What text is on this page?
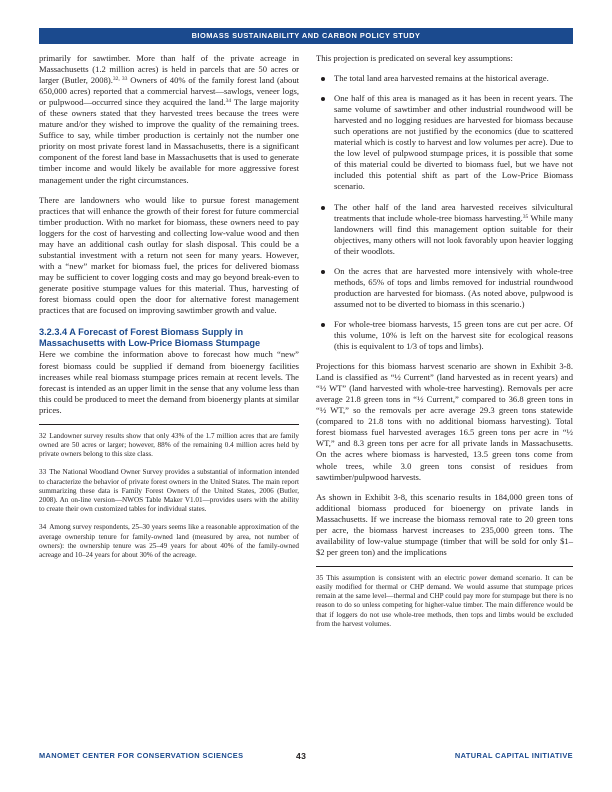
BIOMASS SUSTAINABILITY AND CARBON POLICY STUDY

primarily for sawtimber. More than half of the private acreage in Massachusetts (1.2 million acres) is held in parcels that are 50 acres or larger (Butler, 2008).$^{32, 33}$ Owners of 40% of the family forest land (about 650,000 acres) reported that a commercial harvest—sawlogs, veneer logs, or pulpwood—occurred since they acquired the land.$^{34}$ The large majority of these owners stated that they harvested trees because the trees were mature and/or they wished to improve the quality of the remaining trees. Suffice to say, while timber production is certainly not the number one priority on most private forest land in Massachusetts, there is a significant component of the forest land base in Massachusetts that is used to generate timber income and would likely be available for more aggressive forest management under the right circumstances.

There are landowners who would like to pursue forest management practices that will enhance the growth of their forest for future commercial timber production. With no market for biomass, these owners need to pay loggers for the cost of harvesting and collecting low-value wood and then may have an additional cash outlay for slash disposal. This could be a substantial investment with a return not seen for many years. However, with a “new” market for biomass fuel, the prices for delivered biomass may be sufficient to cover logging costs and may go beyond break-even to generate positive stumpage values for this material. Thus, harvesting of forest biomass could open the door for alternative forest management practices that are focused on improving sawtimber growth and value.

3.2.3.4 A Forecast of Forest Biomass Supply in Massachusetts with Low-Price Biomass Stumpage

Here we combine the information above to forecast how much “new” forest biomass could be supplied if demand from bioenergy facilities increases while real biomass stumpage prices remain at recent levels. The forecast is intended as an upper limit in the sense that any volume less than this could be produced to meet the demand from bioenergy plants at similar prices.

32 Landowner survey results show that only 43% of the 1.7 million acres that are family owned are 50 acres or larger; however, 88% of the remaining 0.4 million acres held by private owners belong to this size class.
33 The National Woodland Owner Survey provides a substantial of information intended to characterize the behavior of private forest owners in the United States. The main report summarizing these data is Family Forest Owners of the United States, 2006 (Butler, 2008). An on-line version—NWOS Table Maker V1.01—provides users with the ability to create their own customized tables for individual states.
34 Among survey respondents, 25–30 years seems like a reasonable approximation of the average ownership tenure for family-owned land (measured by area, not number of owners): the ownership tenure was 25–49 years for about 40% of the family-owned acreage and 10–24 years for about 30% of the acreage.

This projection is predicated on several key assumptions:

The total land area harvested remains at the historical average.
One half of this area is managed as it has been in recent years. The same volume of sawtimber and other industrial roundwood will be harvested and no logging residues are harvested for biomass because such operations are not justified by the economics (due to scattered material which is costly to harvest and low volumes per acre). Due to the low level of pulpwood stumpage prices, it is possible that some of this material could be diverted to biomass fuel, but we have not included this potential shift as part of the Low-Price Biomass scenario.
The other half of the land area harvested receives silvicultural treatments that include whole-tree biomass harvesting.$^{35}$ While many landowners will find this management option suitable for their objectives, many others will not look favorably upon heavier logging of their woodlots.
On the acres that are harvested more intensively with whole-tree methods, 65% of tops and limbs removed for industrial roundwood production are harvested for biomass. (As noted above, pulpwood is assumed not to be diverted to biomass in this scenario.)
For whole-tree biomass harvests, 15 green tons are cut per acre. Of this volume, 10% is left on the harvest site for ecological reasons (this is equivalent to 1/3 of tops and limbs).

Projections for this biomass harvest scenario are shown in Exhibit 3-8. Land is classified as “½ Current” (land harvested as in recent years) and “½ WT” (land harvested with whole-tree harvesting). Removals per acre average 21.8 green tons in “½ Current,” compared to 36.8 green tons in “½ WT,” so the removals per acre average 29.3 green tons statewide (compared to 21.8 tons with no additional biomass harvesting). Total forest biomass fuel harvested averages 16.5 green tons per acre in “½ WT,” and 8.3 green tons per acre for all private lands in Massachusetts. On the acres where biomass is harvested, 13.5 green tons come from whole trees, while 3.0 green tons consist of residues from sawtimber/pulpwood harvests.

As shown in Exhibit 3-8, this scenario results in 184,000 green tons of additional biomass produced for bioenergy on private lands in Massachusetts. If we increase the biomass removal rate to 20 green tons per acre, the biomass harvest increases to 235,000 green tons. The availability of low-value stumpage (timber that will be sold for only $1–$2 per green ton) and the implications

35 This assumption is consistent with an electric power demand scenario. It can be easily modified for thermal or CHP demand. We would assume that stumpage prices remain at the same level—thermal and CHP could pay more for stumpage but there is no reason to do so unless competing for higher-value timber. The main difference would be that if loggers do not use whole-tree methods, then tops and limbs would be excluded from the harvest volumes.
MANOMET CENTER FOR CONSERVATION SCIENCES	43	NATURAL CAPITAL INITIATIVE
